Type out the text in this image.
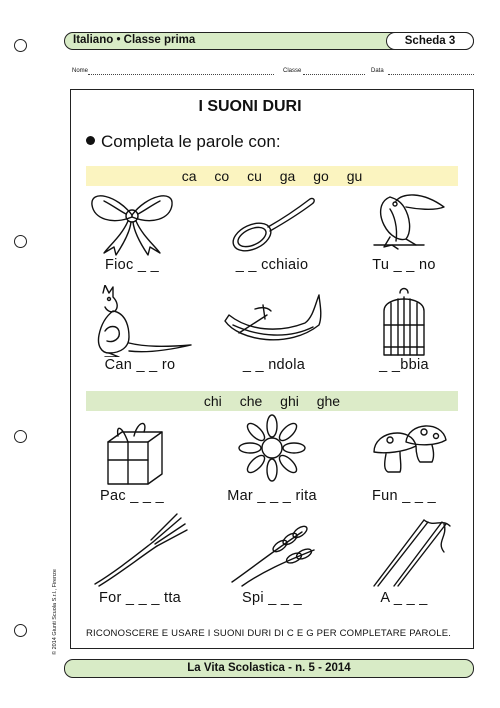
Italiano • Classe prima	Scheda 3
Nome	Classe	Data
I SUONI DURI
Completa le parole con:
ca co cu ga go gu
Fioc _ _	_ _ cchiaio	Tu _ _ no
Can _ _ ro	_ _ ndola	_ _bbia
chi che ghi ghe
Pac _ _ _	Mar _ _ _ rita	Fun _ _ _
For _ _ _ tta	Spi _ _ _	A _ _ _
RICONOSCERE E USARE I SUONI DURI DI C E G PER COMPLETARE PAROLE.
© 2014 Giunti Scuola S.r.l., Firenze
La Vita Scolastica - n. 5 - 2014
